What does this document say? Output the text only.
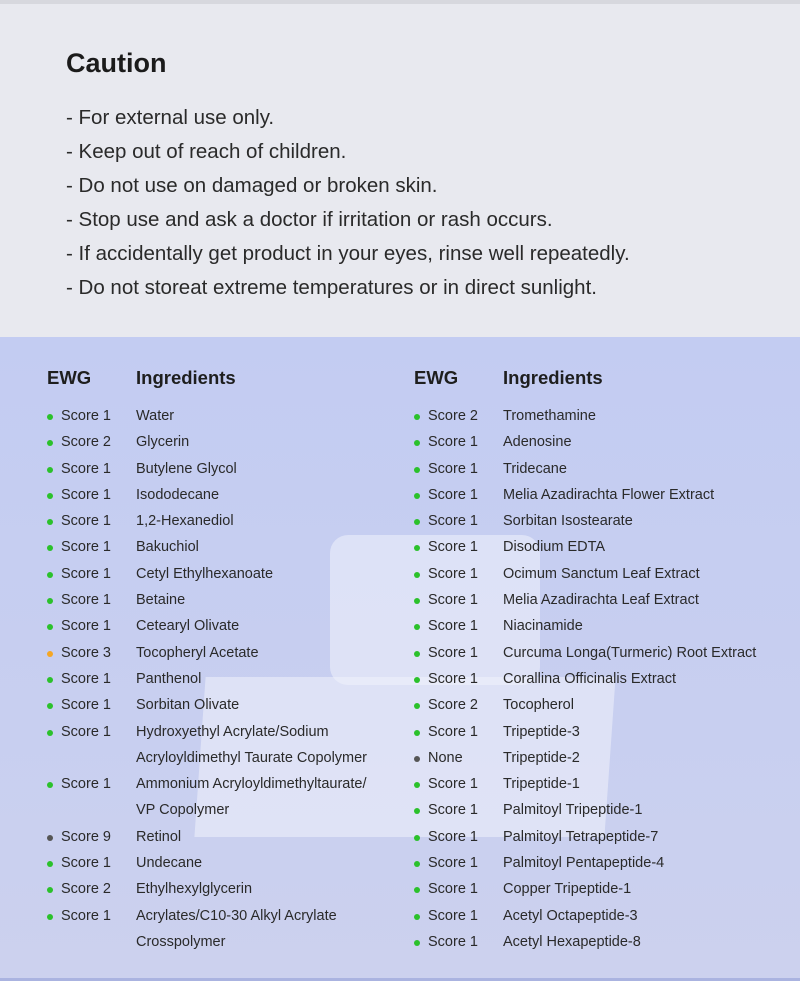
Caution
- For external use only.
- Keep out of reach of children.
- Do not use on damaged or broken skin.
- Stop use and ask a doctor if irritation or rash occurs.
- If accidentally get product in your eyes, rinse well repeatedly.
- Do not storeat extreme temperatures or in direct sunlight.
EWG	Ingredients
Score 1 Water
Score 2 Glycerin
Score 1 Butylene Glycol
Score 1 Isododecane
Score 1 1,2-Hexanediol
Score 1 Bakuchiol
Score 1 Cetyl Ethylhexanoate
Score 1 Betaine
Score 1 Cetearyl Olivate
Score 3 Tocopheryl Acetate
Score 1 Panthenol
Score 1 Sorbitan Olivate
Score 1 Hydroxyethyl Acrylate/Sodium Acryloyldimethyl Taurate Copolymer
Score 1 Ammonium Acryloyldimethyltaurate/ VP Copolymer
Score 9 Retinol
Score 1 Undecane
Score 2 Ethylhexylglycerin
Score 1 Acrylates/C10-30 Alkyl Acrylate Crosspolymer
EWG	Ingredients
Score 2 Tromethamine
Score 1 Adenosine
Score 1 Tridecane
Score 1 Melia Azadirachta Flower Extract
Score 1 Sorbitan Isostearate
Score 1 Disodium EDTA
Score 1 Ocimum Sanctum Leaf Extract
Score 1 Melia Azadirachta Leaf Extract
Score 1 Niacinamide
Score 1 Curcuma Longa(Turmeric) Root Extract
Score 1 Corallina Officinalis Extract
Score 2 Tocopherol
Score 1 Tripeptide-3
None	Tripeptide-2
Score 1 Tripeptide-1
Score 1 Palmitoyl Tripeptide-1
Score 1 Palmitoyl Tetrapeptide-7
Score 1 Palmitoyl Pentapeptide-4
Score 1 Copper Tripeptide-1
Score 1 Acetyl Octapeptide-3
Score 1 Acetyl Hexapeptide-8
